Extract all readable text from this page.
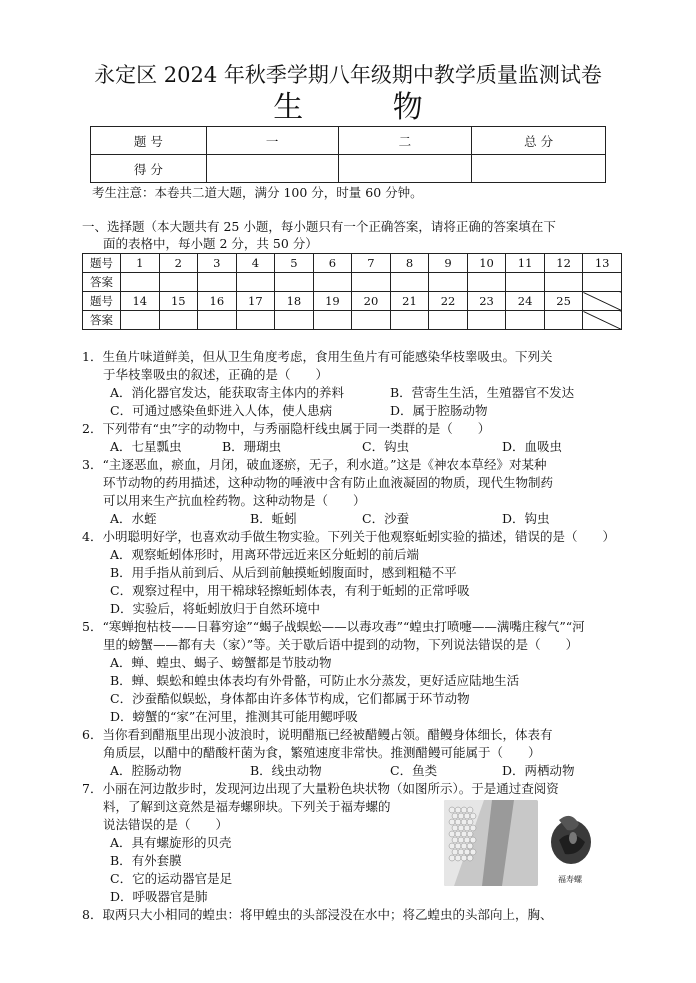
永定区 2024 年秋季学期八年级期中教学质量监测试卷
生 物
题 号	一	二	总 分
得 分			
考生注意：本卷共二道大题，满分 100 分，时量 60 分钟。
一、选择题（本大题共有 25 小题，每小题只有一个正确答案，请将正确的答案填在下
面的表格中，每小题 2 分，共 50 分）
题号	1	2	3	4	5	6	7	8	9	10	11	12	13
答案													
题号	14	15	16	17	18	19	20	21	22	23	24	25	
答案													
1．生鱼片味道鲜美，但从卫生角度考虑，食用生鱼片有可能感染华枝睾吸虫。下列关
于华枝睾吸虫的叙述，正确的是（　　）
A．消化器官发达，能获取寄主体内的养料	B．营寄生生活，生殖器官不发达
C．可通过感染鱼虾进入人体，使人患病	D．属于腔肠动物
2．下列带有“虫”字的动物中，与秀丽隐杆线虫属于同一类群的是（　　）
A．七星瓢虫	B．珊瑚虫	C．钩虫	D．血吸虫
3．“主逐恶血，瘀血，月闭，破血逐瘀，无子，利水道。”这是《神农本草经》对某种
环节动物的药用描述，这种动物的唾液中含有防止血液凝固的物质，现代生物制药
可以用来生产抗血栓药物。这种动物是（　　）
A．水蛭	B．蚯蚓	C．沙蚕	D．钩虫
4．小明聪明好学，也喜欢动手做生物实验。下列关于他观察蚯蚓实验的描述，错误的是（　　）
A．观察蚯蚓体形时，用离环带远近来区分蚯蚓的前后端
B．用手指从前到后、从后到前触摸蚯蚓腹面时，感到粗糙不平
C．观察过程中，用干棉球轻擦蚯蚓体表，有利于蚯蚓的正常呼吸
D．实验后，将蚯蚓放归于自然环境中
5．“寒蝉抱枯枝——日暮穷途”“蝎子战蜈蚣——以毒攻毒”“蝗虫打喷嚏——满嘴庄稼气”“河
里的螃蟹——都有夫（家）”等。关于歇后语中提到的动物，下列说法错误的是（　　）
A．蝉、蝗虫、蝎子、螃蟹都是节肢动物
B．蝉、蜈蚣和蝗虫体表均有外骨骼，可防止水分蒸发，更好适应陆地生活
C．沙蚕酷似蜈蚣，身体都由许多体节构成，它们都属于环节动物
D．螃蟹的“家”在河里，推测其可能用鳃呼吸
6．当你看到醋瓶里出现小波浪时，说明醋瓶已经被醋鳗占领。醋鳗身体细长，体表有
角质层，以醋中的醋酸杆菌为食，繁殖速度非常快。推测醋鳗可能属于（　　）
A．腔肠动物	B．线虫动物	C．鱼类	D．两栖动物
7．小丽在河边散步时，发现河边出现了大量粉色块状物（如图所示）。于是通过查阅资
料，了解到这竟然是福寿螺卵块。下列关于福寿螺的
说法错误的是（　　）
A．具有螺旋形的贝壳
B．有外套膜
C．它的运动器官是足
D．呼吸器官是肺
8．取两只大小相同的蝗虫：将甲蝗虫的头部浸没在水中；将乙蝗虫的头部向上，胸、
福寿螺
